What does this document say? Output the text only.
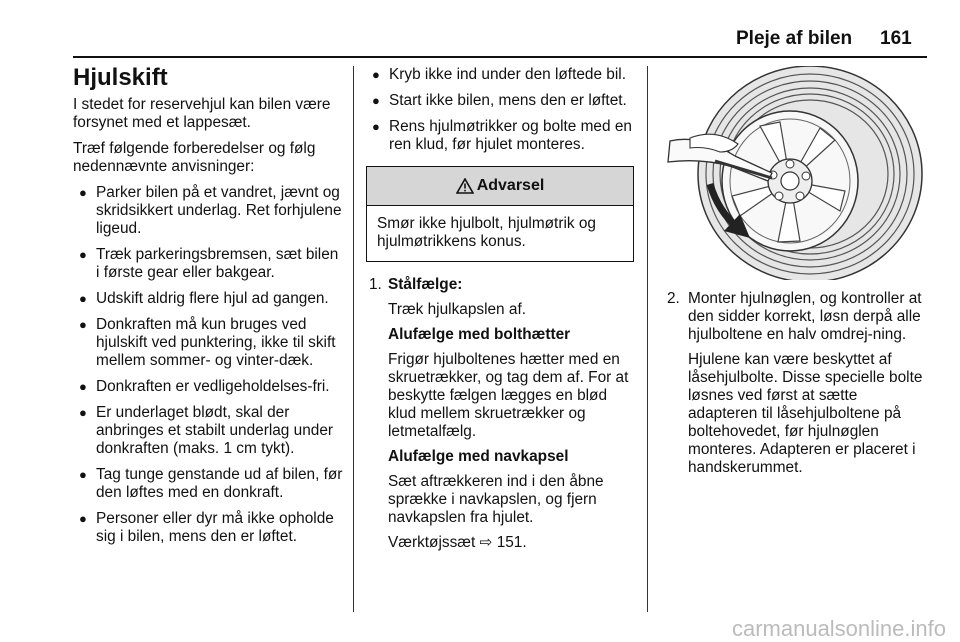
Pleje af bilen 161
Hjulskift

I stedet for reservehjul kan bilen være forsynet med et lappesæt.

Træf følgende forberedelser og følg nedennævnte anvisninger:

● Parker bilen på et vandret, jævnt og skridsikkert underlag. Ret forhjulene ligeud.
● Træk parkeringsbremsen, sæt bilen i første gear eller bakgear.
● Udskift aldrig flere hjul ad gangen.
● Donkraften må kun bruges ved hjulskift ved punktering, ikke til skift mellem sommer- og vinter-dæk.
● Donkraften er vedligeholdelses-fri.
● Er underlaget blødt, skal der anbringes et stabilt underlag under donkraften (maks. 1 cm tykt).
● Tag tunge genstande ud af bilen, før den løftes med en donkraft.
● Personer eller dyr må ikke opholde sig i bilen, mens den er løftet.
● Kryb ikke ind under den løftede bil.
● Start ikke bilen, mens den er løftet.
● Rens hjulmøtrikker og bolte med en ren klud, før hjulet monteres.
Advarsel
Smør ikke hjulbolt, hjulmøtrik og hjulmøtrikkens konus.
1. Stålfælge:

Træk hjulkapslen af.

Alufælge med bolthætter

Frigør hjulboltenes hætter med en skruetrækker, og tag dem af. For at beskytte fælgen lægges en blød klud mellem skruetrækker og letmetalfælg.

Alufælge med navkapsel

Sæt aftrækkeren ind i den åbne sprække i navkapslen, og fjern navkapslen fra hjulet.

Værktøjssæt ⇨ 151.

2. Monter hjulnøglen, og kontroller at den sidder korrekt, løsn derpå alle hjulboltene en halv omdrej-ning.

Hjulene kan være beskyttet af låsehjulbolte. Disse specielle bolte løsnes ved først at sætte adapteren til låsehjulboltene på boltehovedet, før hjulnøglen monteres. Adapteren er placeret i handskerummet.

carmanualsonline.info
